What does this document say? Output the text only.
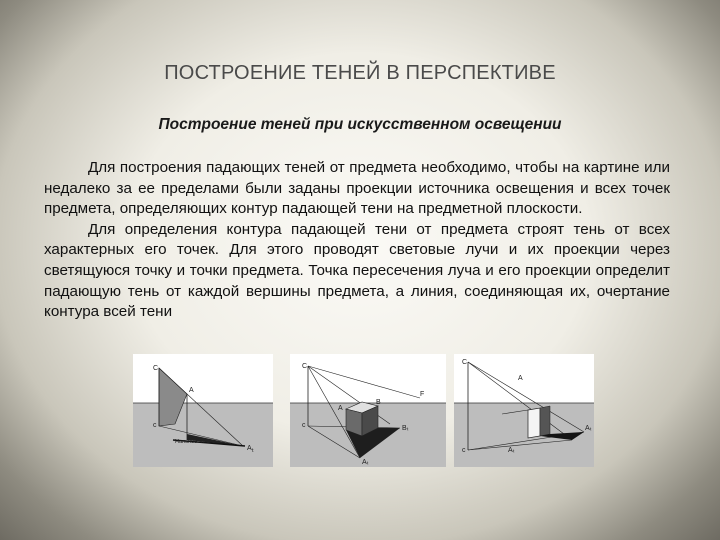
ПОСТРОЕНИЕ ТЕНЕЙ В ПЕРСПЕКТИВЕ
Построение теней при искусственном освещении

Для построения падающих теней от предмета необходимо, чтобы на картине или недалеко за ее пределами были заданы проекции источника освещения и всех точек предмета, определяющих контур падающей тени на предметной плоскости.

Для определения контура падающей тени от предмета строят тень от всех характерных его точек. Для этого проводят световые лучи и их проекции через светящуюся точку и точки предмета. Точка пересечения луча и его проекции определит падающую тень от каждой вершины предмета, а линия, соединяющая их, очертание контура всей тени

C
A
c
Нальное=Нₜ
A t
C
A
B
F
c	Bₜ
Aₜ
C
A
c
Aₜ
Aₜ
